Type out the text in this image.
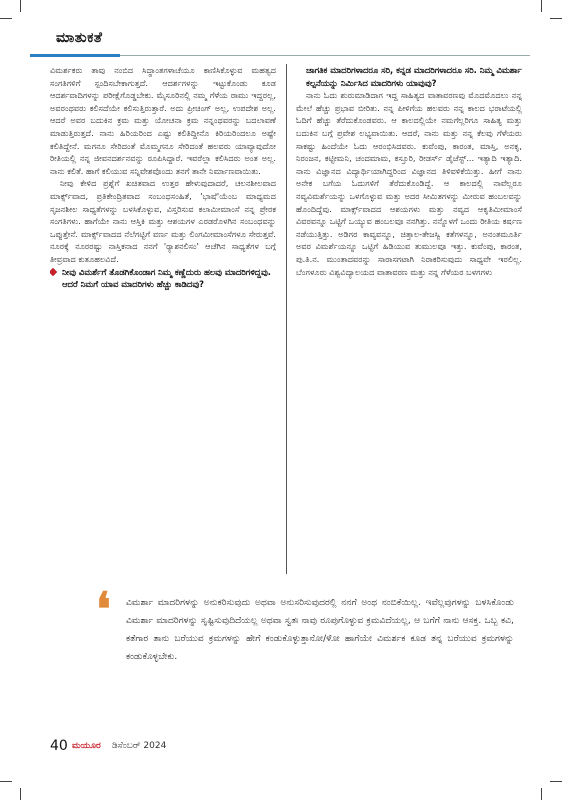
ಮಾತುಕತೆ

ವಿಮರ್ಶಕರು ತಾವು ನಂಬಿದ ಸಿದ್ಧಾಂತಗಳಾಚೆಯೂ ಕಾಣಿಸಿಕೊಳ್ಳುವ ಮಹತ್ವದ ಸಂಗತಿಗಳಿಗೆ ಸ್ಪಂದಿಸಬೇಕಾಗುತ್ತದೆ. ಆದರ್ಶಗಳನ್ನು ಇಟ್ಟುಕೊಂಡು ಕೂಡ ಆದರ್ಶವಾದಿಗಳನ್ನು ಪರೀಕ್ಷೆಗೊಡ್ಡಬೇಕು. ಮೈಸೂರಿನಲ್ಲಿ ನಮ್ಮ ಗೆಳೆಯ ರಾಮು ಇದ್ದರಲ್ಲ, ಅವರಂಥವರು ಕಲಿಸದೆಯೇ ಕಲಿಸುತ್ತಿರುತ್ತಾರೆ. ಅದು ಪ್ರೀಚಿಂಗ್ ಅಲ್ಲ, ಉಪದೇಶ ಅಲ್ಲ. ಆದರೆ ಅವರ ಬದುಕಿನ ಕ್ರಮ ಮತ್ತು ಯೋಚನಾ ಕ್ರಮ ನನ್ನಂಥವರನ್ನು ಬದಲಾವಣೆ ಮಾಡುತ್ತಿರುತ್ತದೆ. ನಾನು ಹಿರಿಯರಿಂದ ಎಷ್ಟು ಕಲಿತಿದ್ದೀನೊ ಕಿರಿಯರಿಂದಲೂ ಅಷ್ಟೇ ಕಲಿತಿದ್ದೇನೆ. ಮಗನೂ ಸೇರಿದಂತೆ ಮೊಮ್ಮಗನೂ ಸೇರಿದಂತೆ ಹಲವರು ಯಾವ್ಯಾವುದೋ ರೀತಿಯಲ್ಲಿ ನನ್ನ ಜೀವನದರ್ಶನವನ್ನು ರೂಪಿಸಿದ್ದಾರೆ. ಇವರೆಲ್ಲಾ ಕಲಿಸಿದರು ಅಂತ ಅಲ್ಲ. ನಾನು ಕಲಿತೆ. ಹಾಗೆ ಕಲಿಯುವ ಸನ್ನಿವೇಶವೊಂದು ತನಗೆ ತಾನೇ ನಿರ್ಮಾಣವಾಯಿತು.

ನೀವು ಕೇಳಿದ ಪ್ರಶ್ನೆಗೆ ಖಚಿತವಾದ ಉತ್ತರ ಹೇಳುವುದಾದರೆ, ಚಲನಶೀಲವಾದ ಮಾರ್ಕ್ಸ್‌ವಾದ, ಪ್ರತಿಕೇಂದ್ರಿತವಾದ ಸಂಬಂಧಸಂಹಿತೆ, 'ಭಾಷೆ'ಯೆಂಬ ಮಾಧ್ಯಮದ ಸೃಜನಶೀಲ ಸಾಧ್ಯತೆಗಳನ್ನು ಬಳಸಿಕೊಳ್ಳುವ, ವಿಸ್ತರಿಸುವ ಕಲಾಮೀಮಾಂಸೆ ನನ್ನ ಪ್ರೇರಕ ಸಂಗತಿಗಳು. ಹಾಗೆಯೇ ನಾನು ಆಸ್ತಿಕಿ ಮತ್ತು ಆಶಯಗಳ ಎರಡರೊಳಗಿನ ಸಂಬಂಧವನ್ನು ಒಪ್ಪುತ್ತೇನೆ. ಮಾರ್ಕ್ಸ್‌ವಾದದ ನೆಲೆಗಟ್ಟಿಗೆ ವರ್ಣ ಮತ್ತು ಲಿಂಗಮೀಮಾಂಸೆಗಳೂ ಸೇರುತ್ತವೆ. ನೂರಕ್ಕೆ ನೂರರಷ್ಟು ನಾಸ್ತಿಕನಾದ ನನಗೆ 'ರ‍್ಯಾಶನಲಿಸಂ' ಆಚೆಗಿನ ಸಾಧ್ಯತೆಗಳ ಬಗ್ಗೆ ತೀವ್ರವಾದ ಕುತೂಹಲವಿದೆ.

ನೀವು ವಿಮರ್ಶೆಗೆ ತೊಡಗಿಕೊಂಡಾಗ ನಿಮ್ಮ ಕಣ್ಣೆದುರು ಹಲವು ಮಾದರಿಗಳಿದ್ದವು. ಆದರೆ ನಿಮಗೆ ಯಾವ ಮಾದರಿಗಳು ಹೆಚ್ಚು ಕಾಡಿದವು?

ಜಾಗತಿಕ ಮಾದರಿಗಳಾದರೂ ಸರಿ, ಕನ್ನಡ ಮಾದರಿಗಳಾದರೂ ಸರಿ. ನಿಮ್ಮ ವಿಮರ್ಶಾ ಕಲ್ಪನೆಯನ್ನು ನಿರ್ಮಿಸಿದ ಮಾದರಿಗಳು ಯಾವುವು?

ನಾನು ಓದು ಶುರುಮಾಡಿದಾಗ ಇದ್ದ ಸಾಹಿತ್ಯದ ವಾತಾವರಣವು ಮೊದಮೊದಲು ನನ್ನ ಮೇಲೆ ಹೆಚ್ಚು ಪ್ರಭಾವ ಬೀರಿತು. ನನ್ನ ಪೀಳಿಗೆಯ ಹಲವರು ನನ್ನ ಕಾಲದ ಭರಾಟೆಯಲ್ಲಿ ಓದಿಗೆ ಹೆಚ್ಚು ತೆರೆದುಕೊಂಡವರು. ಆ ಕಾಲದಲ್ಲಿಯೇ ನಮಗೆಲ್ಲರಿಗೂ ಸಾಹಿತ್ಯ ಮತ್ತು ಬದುಕಿನ ಬಗ್ಗೆ ಪ್ರವೇಶ ಲಭ್ಯವಾಯಿತು. ಆದರೆ, ನಾನು ಮತ್ತು ನನ್ನ ಕೆಲವು ಗೆಳೆಯರು ಸಾಕಷ್ಟು ಹಿಂದೆಯೇ ಓದು ಆರಂಭಿಸಿದವರು. ಕುವೆಂಪು, ಕಾರಂತ, ಮಾಸ್ತಿ, ಅನಕೃ, ನಿರಂಜನ, ಕಟ್ಟೀಮನಿ, ಚಂದಮಾಮ, ಕಸ್ತೂರಿ, ರೀಡರ್ಸ್ ಡೈಜೆಸ್ಟ್... ಇತ್ಯಾದಿ ಇತ್ಯಾದಿ. ನಾನು ವಿಜ್ಞಾನದ ವಿದ್ಯಾರ್ಥಿಯಾಗಿದ್ದರಿಂದ ವಿಜ್ಞಾನದ ತಿಳಿವಳಿಕೆಯಿತ್ತು. ಹೀಗೆ ನಾನು ಅನೇಕ ಬಗೆಯ ಓದುಗಳಿಗೆ ತೆರೆದುಕೊಂಡಿದ್ದೆ. ಆ ಕಾಲದಲ್ಲಿ ನಾವೆಲ್ಲರೂ ನವ್ಯವಿಮರ್ಶೆಯನ್ನು ಒಳಗೊಳ್ಳುವ ಮತ್ತು ಅದರ ಸೀಮಿತಗಳನ್ನು ಮೀರುವ ಹಂಬಲವನ್ನು ಹೊಂದಿದ್ದೆವು. ಮಾರ್ಕ್ಸ್‌ವಾದದ ಆಶಯಗಳು ಮತ್ತು ನವ್ಯದ ಆಕೃತಿಮೀಮಾಂಸೆ ವಿವರವನ್ನೂ ಒಟ್ಟಿಗೆ ಒಯ್ಯುವ ಹಂಬಲವೂ ನನಗಿತ್ತು. ನನ್ನೊಳಗೆ ಒಂದು ರೀತಿಯ ಕರ್ಷಣ ನಡೆಯುತ್ತಿತ್ತು. ಅಡಿಗರ ಕಾವ್ಯವನ್ನೂ, ಚಿತ್ತಾಲ-ತೇಜಸ್ವಿ ಕತೆಗಳನ್ನೂ, ಅನಂತಮೂರ್ತಿ ಅವರ ವಿಮರ್ಶೆಯನ್ನೂ ಒಟ್ಟಿಗೆ ಹಿಡಿಯುವ ತುಮುಲವೂ ಇತ್ತು. ಕುವೆಂಪು, ಕಾರಂತ, ಪು.ತಿ.ನ. ಮುಂತಾದವರನ್ನು ಸಾರಾಸಗಟಾಗಿ ನಿರಾಕರಿಸುವುದು ಸಾಧ್ಯವೇ ಇರಲಿಲ್ಲ. ಬೆಂಗಳೂರು ವಿಶ್ವವಿದ್ಯಾಲಯದ ವಾತಾವರಣ ಮತ್ತು ನನ್ನ ಗೆಳೆಯರ ಬಳಗಗಳು

❛ ವಿಮರ್ಶಾ ಮಾದರಿಗಳನ್ನು ಅನುಕರಿಸುವುದು ಅಥವಾ ಅನುಸರಿಸುವುದರಲ್ಲಿ ನನಗೆ ಅಂಥ ನಂಬಿಕೆಯಿಲ್ಲ. ಇವೆಲ್ಲವುಗಳನ್ನು ಬಳಸಿಕೊಂಡು ವಿಮರ್ಶಾ ಮಾದರಿಗಳನ್ನು ಸೃಷ್ಟಿಸುವುದಿದೆಯಲ್ಲ ಅಥವಾ ಸ್ವತಃ ನಾವು ರೂಪುಗೊಳ್ಳುವ ಕ್ರಮವಿದೆಯಲ್ಲ, ಆ ಬಗೆಗೆ ನಾನು ಆಸಕ್ತ. ಒಬ್ಬ ಕವಿ, ಕತೆಗಾರ ತಾನು ಬರೆಯುವ ಕ್ರಮಗಳನ್ನು ಹೇಗೆ ಕಂಡುಕೊಳ್ಳುತ್ತಾನೋ/ಳೋ ಹಾಗೆಯೇ ವಿಮರ್ಶಕ ಕೂಡ ತನ್ನ ಬರೆಯುವ ಕ್ರಮಗಳನ್ನು ಕಂಡುಕೊಳ್ಳಬೇಕು.
40 ಮಯೂರ ಡಿಸೆಂಬರ್ 2024
